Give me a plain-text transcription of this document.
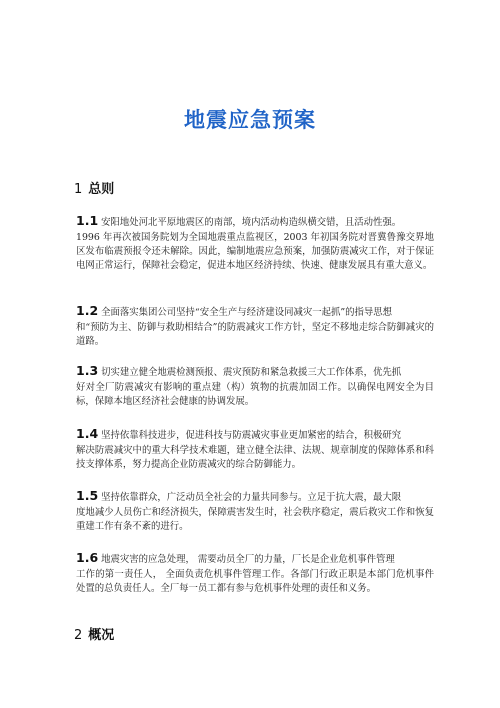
地震应急预案
1 总则
1.1 安阳地处河北平原地震区的南部，境内活动构造纵横交错，且活动性强。
1996 年再次被国务院划为全国地震重点监视区，2003 年初国务院对晋冀鲁豫交界地区发布临震预报令还未解除。因此，编制地震应急预案，加强防震减灾工作，对于保证电网正常运行，保障社会稳定，促进本地区经济持续、快速、健康发展具有重大意义。
1.2 全面落实集团公司坚持“安全生产与经济建设同减灾一起抓”的指导思想
和“预防为主、防御与救助相结合”的防震减灾工作方针，坚定不移地走综合防御减灾的道路。
1.3 切实建立健全地震检测预报、震灾预防和紧急救援三大工作体系，优先抓
好对全厂防震减灾有影响的重点建（构）筑物的抗震加固工作。以确保电网安全为目标，保障本地区经济社会健康的协调发展。
1.4 坚持依靠科技进步，促进科技与防震减灾事业更加紧密的结合，积极研究
解决防震减灾中的重大科学技术难题，建立健全法律、法规、规章制度的保障体系和科技支撑体系，努力提高企业防震减灾的综合防御能力。
1.5 坚持依靠群众，广泛动员全社会的力量共同参与。立足于抗大震，最大限
度地减少人员伤亡和经济损失，保障震害发生时，社会秩序稳定，震后救灾工作和恢复重建工作有条不紊的进行。
1.6 地震灾害的应急处理， 需要动员全厂的力量，厂长是企业危机事件管理
工作的第一责任人， 全面负责危机事件管理工作。各部门行政正职是本部门危机事件处置的总负责任人。全厂每一员工都有参与危机事件处理的责任和义务。
2 概况
